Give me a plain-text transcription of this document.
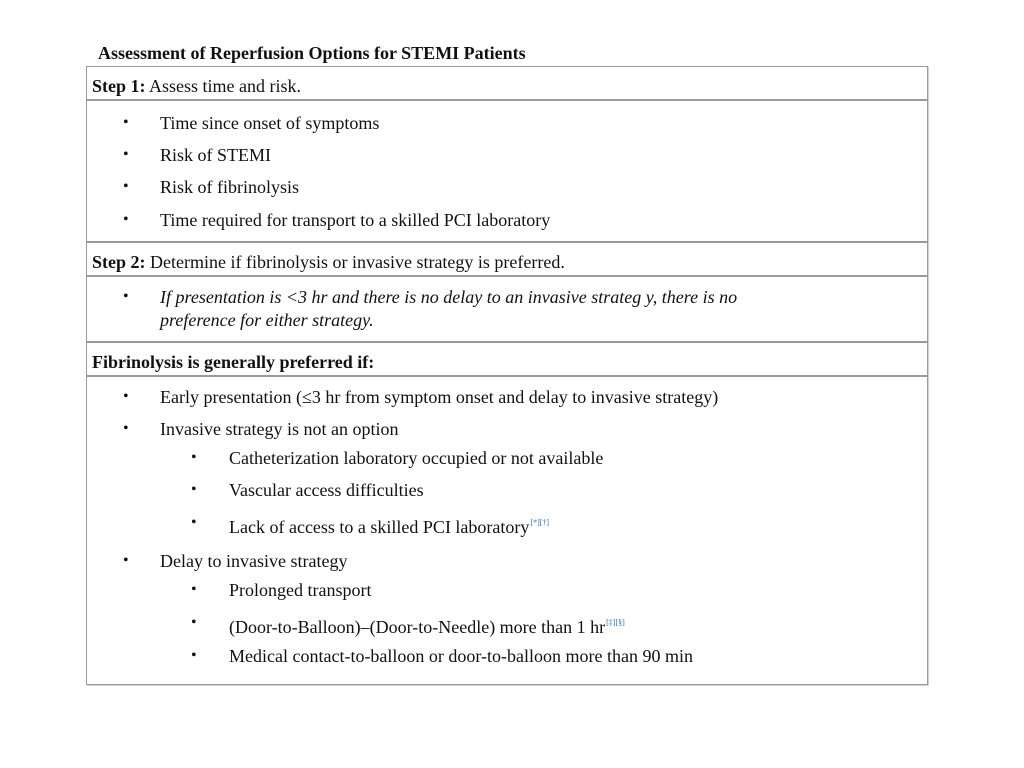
Assessment of Reperfusion Options for STEMI Patients
Step 1: Assess time and risk.
• Time since onset of symptoms
• Risk of STEMI
• Risk of fibrinolysis
• Time required for transport to a skilled PCI laboratory
Step 2: Determine if fibrinolysis or invasive strategy is preferred.
• If presentation is <3 hr and there is no delay to an invasive strateg y, there is no
preference for either strategy.
Fibrinolysis is generally preferred if:
• Early presentation (≤3 hr from symptom onset and delay to invasive strategy)
• Invasive strategy is not an option
• Catheterization laboratory occupied or not available
• Vascular access difficulties
• Lack of access to a skilled PCI laboratory[*][†]
• Delay to invasive strategy
• Prolonged transport
• (Door-to-Balloon)–(Door-to-Needle) more than 1 hr[‡][§]
• Medical contact-to-balloon or door-to-balloon more than 90 min
